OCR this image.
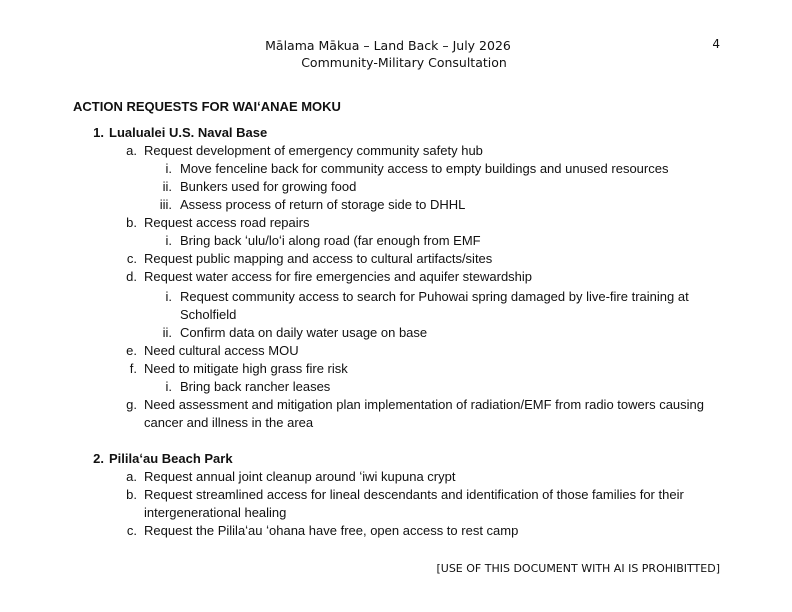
Mālama Mākua – Land Back – July 2026
Community-Military Consultation
4
ACTION REQUESTS FOR WAIʻANAE MOKU
1. Lualualei U.S. Naval Base
a. Request development of emergency community safety hub
i. Move fenceline back for community access to empty buildings and unused resources
ii. Bunkers used for growing food
iii. Assess process of return of storage side to DHHL
b. Request access road repairs
i. Bring back ʻulu/loʻi along road (far enough from EMF
c. Request public mapping and access to cultural artifacts/sites
d. Request water access for fire emergencies and aquifer stewardship
i. Request community access to search for Puhowai spring damaged by live-fire training at
Scholfield
ii. Confirm data on daily water usage on base
e. Need cultural access MOU
f. Need to mitigate high grass fire risk
i. Bring back rancher leases
g. Need assessment and mitigation plan implementation of radiation/EMF from radio towers causing
cancer and illness in the area
2. Pililaʻau Beach Park
a. Request annual joint cleanup around ʻiwi kupuna crypt
b. Request streamlined access for lineal descendants and identification of those families for their
intergenerational healing
c. Request the Pililaʻau ʻohana have free, open access to rest camp
[USE OF THIS DOCUMENT WITH AI IS PROHIBITTED]
